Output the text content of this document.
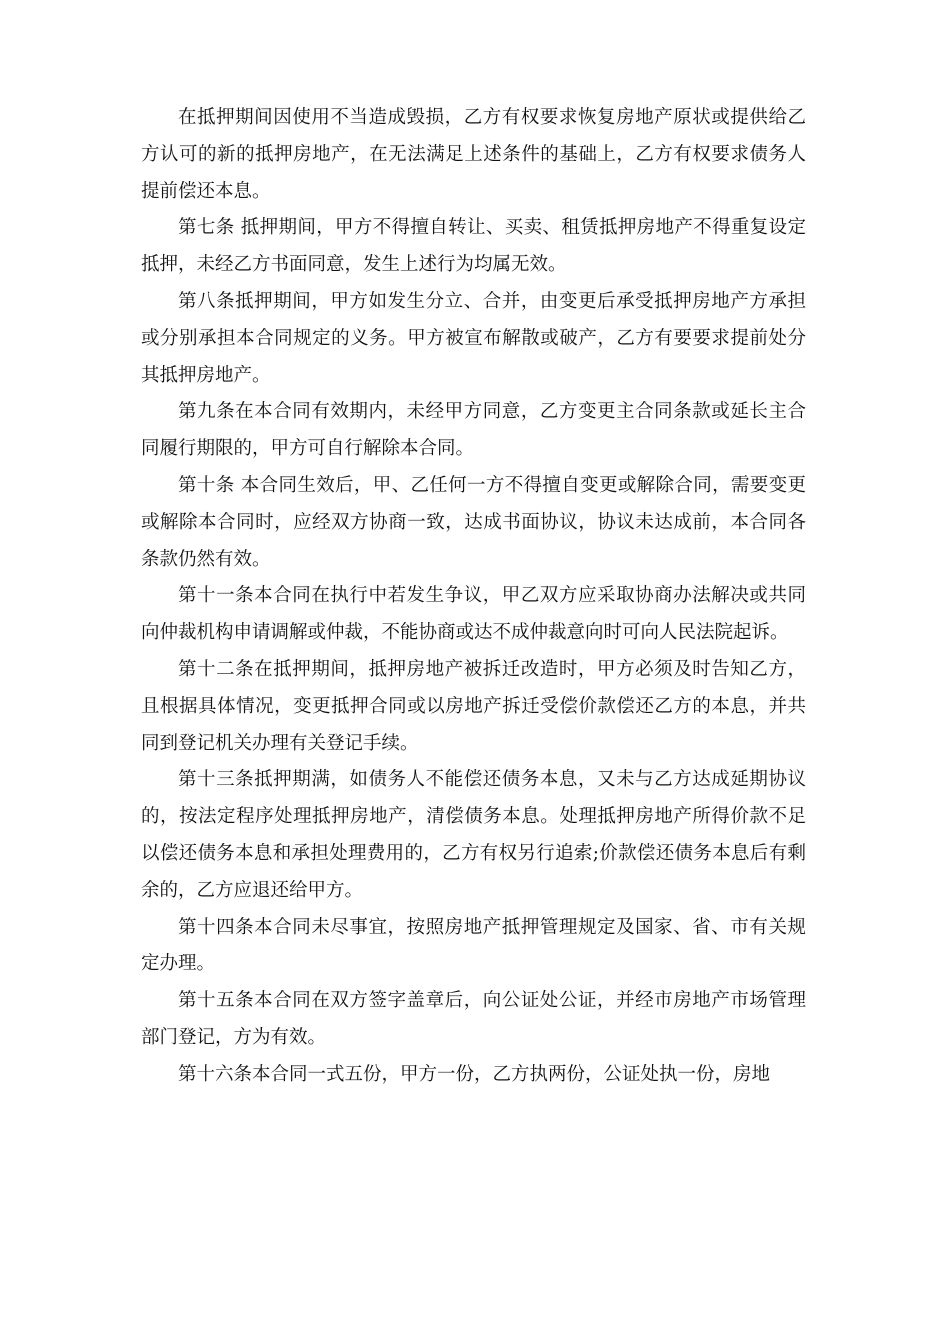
在抵押期间因使用不当造成毁损，乙方有权要求恢复房地产原状或提供给乙方认可的新的抵押房地产，在无法满足上述条件的基础上，乙方有权要求债务人提前偿还本息。

第七条 抵押期间，甲方不得擅自转让、买卖、租赁抵押房地产不得重复设定抵押，未经乙方书面同意，发生上述行为均属无效。

第八条抵押期间，甲方如发生分立、合并，由变更后承受抵押房地产方承担或分别承担本合同规定的义务。甲方被宣布解散或破产，乙方有要要求提前处分其抵押房地产。

第九条在本合同有效期内，未经甲方同意，乙方变更主合同条款或延长主合同履行期限的，甲方可自行解除本合同。

第十条 本合同生效后，甲、乙任何一方不得擅自变更或解除合同，需要变更或解除本合同时，应经双方协商一致，达成书面协议，协议未达成前，本合同各条款仍然有效。

第十一条本合同在执行中若发生争议，甲乙双方应采取协商办法解决或共同向仲裁机构申请调解或仲裁，不能协商或达不成仲裁意向时可向人民法院起诉。

第十二条在抵押期间，抵押房地产被拆迁改造时，甲方必须及时告知乙方，且根据具体情况，变更抵押合同或以房地产拆迁受偿价款偿还乙方的本息，并共同到登记机关办理有关登记手续。

第十三条抵押期满，如债务人不能偿还债务本息，又未与乙方达成延期协议的，按法定程序处理抵押房地产，清偿债务本息。处理抵押房地产所得价款不足以偿还债务本息和承担处理费用的，乙方有权另行追索;价款偿还债务本息后有剩余的，乙方应退还给甲方。

第十四条本合同未尽事宜，按照房地产抵押管理规定及国家、省、市有关规定办理。

第十五条本合同在双方签字盖章后，向公证处公证，并经市房地产市场管理部门登记，方为有效。

第十六条本合同一式五份，甲方一份，乙方执两份，公证处执一份，房地
